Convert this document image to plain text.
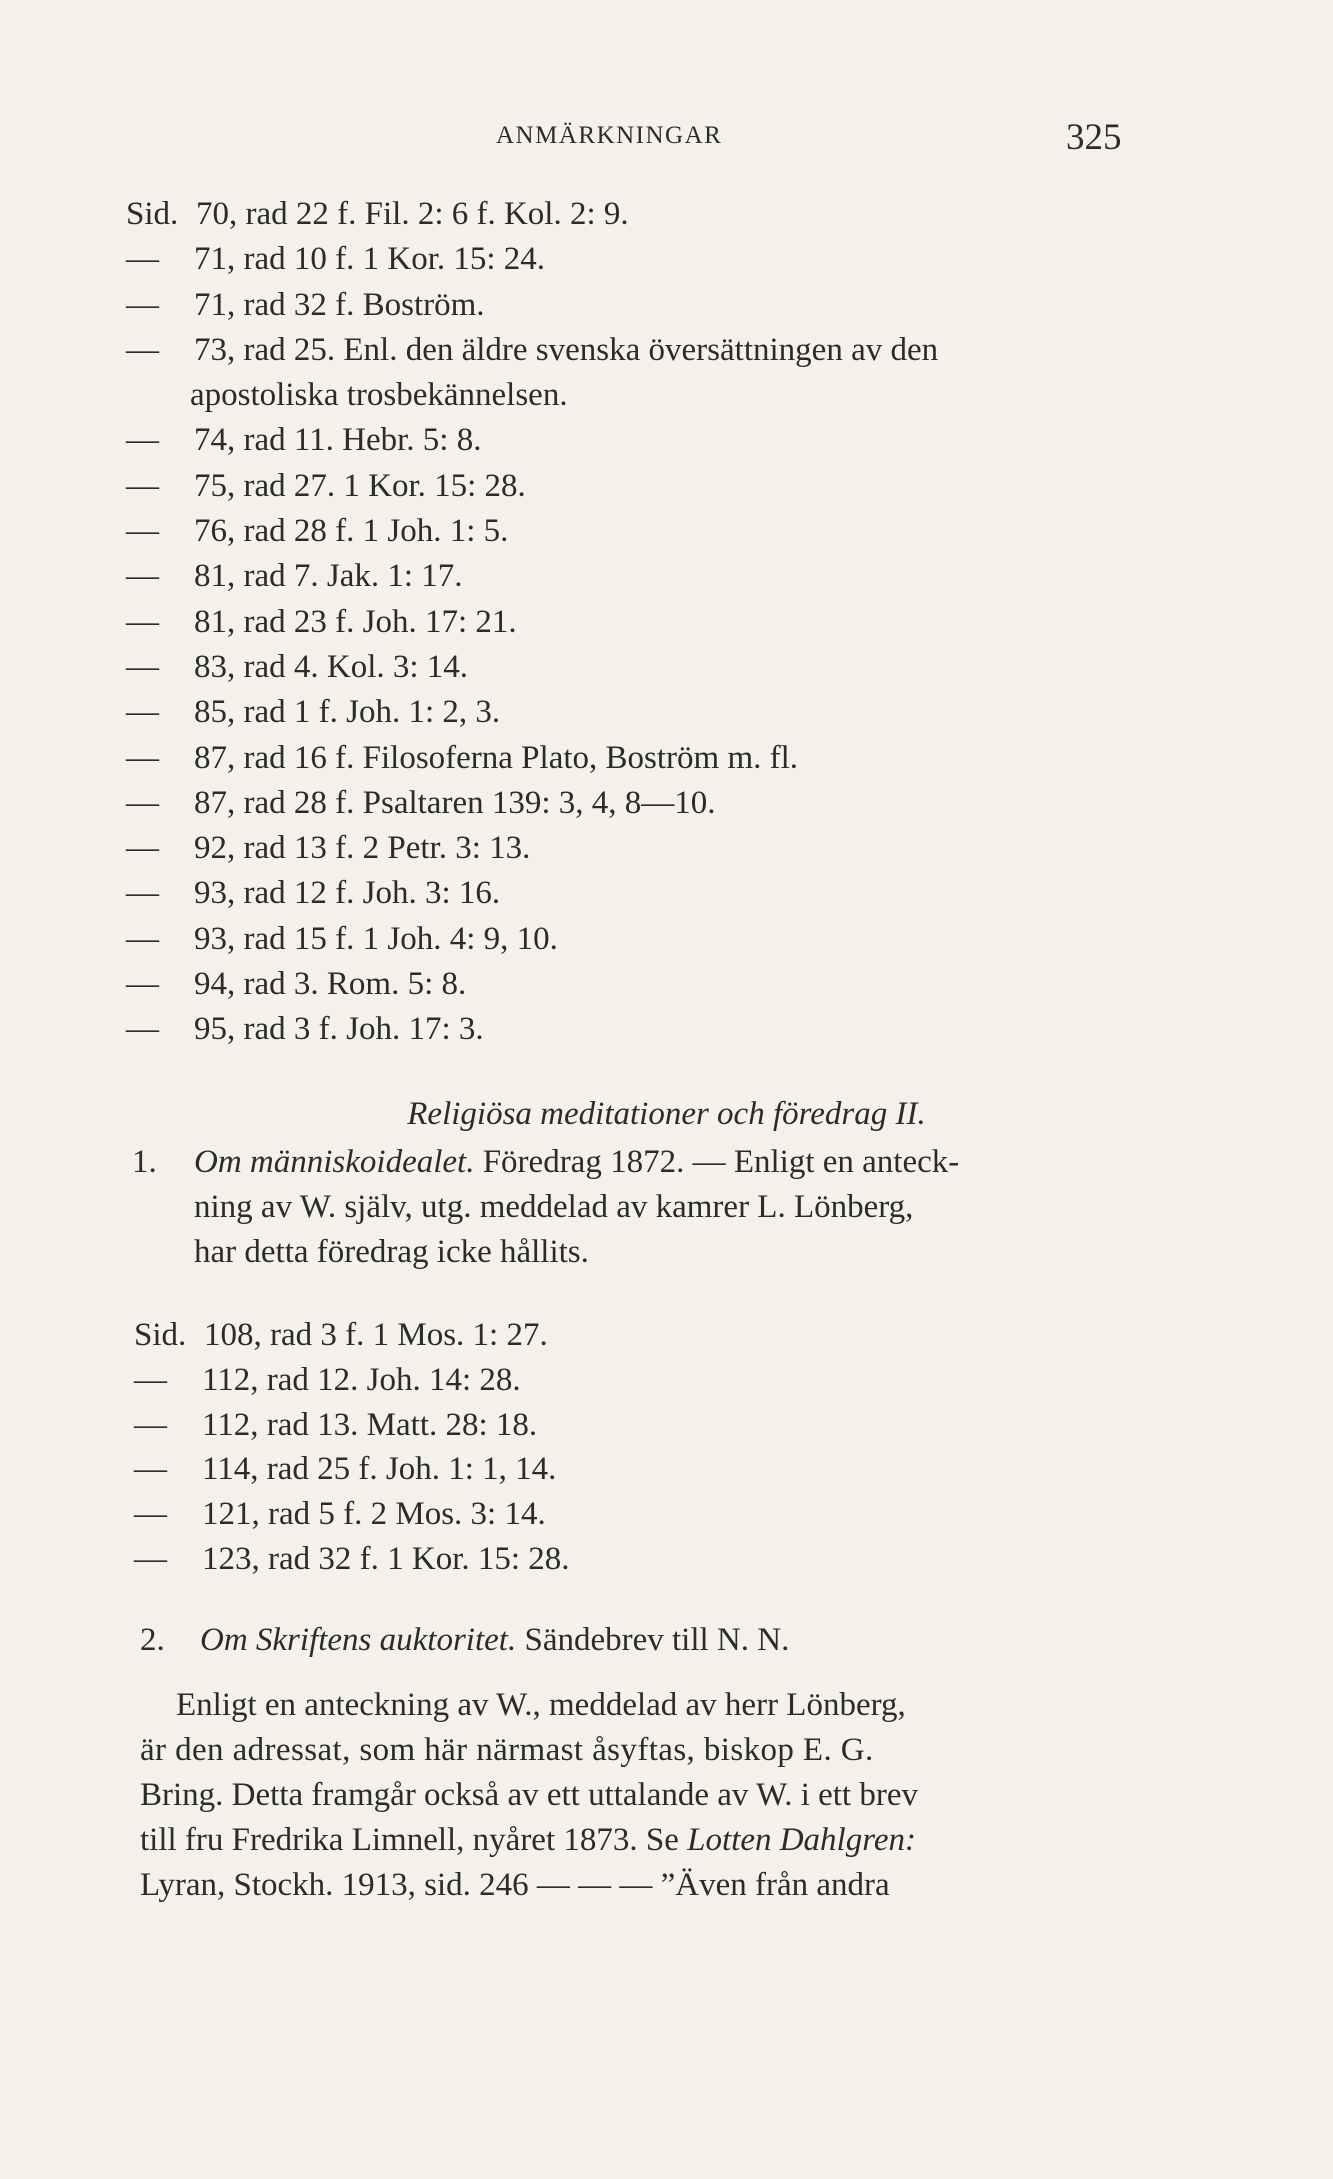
ANMÄRKNINGAR	325
Sid. 70, rad 22 f. Fil. 2: 6 f. Kol. 2: 9.
— 71, rad 10 f. 1 Kor. 15: 24.
— 71, rad 32 f. Boström.
— 73, rad 25. Enl. den äldre svenska översättningen av den
apostoliska trosbekännelsen.
— 74, rad 11. Hebr. 5: 8.
— 75, rad 27. 1 Kor. 15: 28.
— 76, rad 28 f. 1 Joh. 1: 5.
— 81, rad 7. Jak. 1: 17.
— 81, rad 23 f. Joh. 17: 21.
— 83, rad 4. Kol. 3: 14.
— 85, rad 1 f. Joh. 1: 2, 3.
— 87, rad 16 f. Filosoferna Plato, Boström m. fl.
— 87, rad 28 f. Psaltaren 139: 3, 4, 8—10.
— 92, rad 13 f. 2 Petr. 3: 13.
— 93, rad 12 f. Joh. 3: 16.
— 93, rad 15 f. 1 Joh. 4: 9, 10.
— 94, rad 3. Rom. 5: 8.
— 95, rad 3 f. Joh. 17: 3.
Religiösa meditationer och föredrag II.
1. Om människoidealet. Föredrag 1872. — Enligt en anteck-
ning av W. själv, utg. meddelad av kamrer L. Lönberg,
har detta föredrag icke hållits.
Sid. 108, rad 3 f. 1 Mos. 1: 27.
— 112, rad 12. Joh. 14: 28.
— 112, rad 13. Matt. 28: 18.
— 114, rad 25 f. Joh. 1: 1, 14.
— 121, rad 5 f. 2 Mos. 3: 14.
— 123, rad 32 f. 1 Kor. 15: 28.
2. Om Skriftens auktoritet. Sändebrev till N. N.
Enligt en anteckning av W., meddelad av herr Lönberg,
är den adressat, som här närmast åsyftas, biskop E. G.
Bring. Detta framgår också av ett uttalande av W. i ett brev
till fru Fredrika Limnell, nyåret 1873. Se Lotten Dahlgren:
Lyran, Stockh. 1913, sid. 246 — — — ”Även från andra
